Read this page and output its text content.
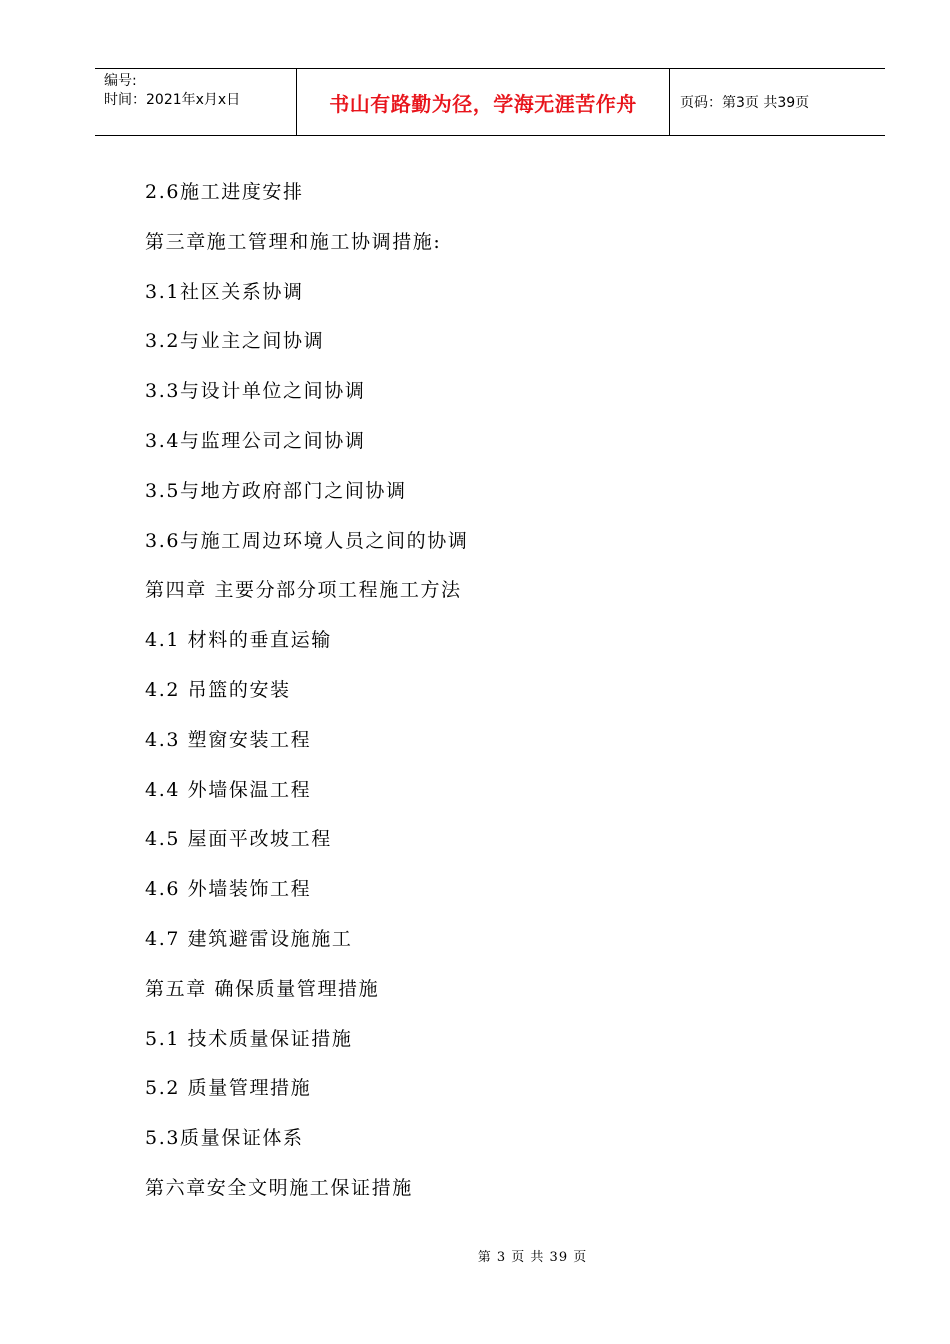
编号:
时间：2021年x月x日	书山有路勤为径，学海无涯苦作舟	页码：第3页 共39页
2.6施工进度安排
第三章施工管理和施工协调措施:
3.1社区关系协调
3.2与业主之间协调
3.3与设计单位之间协调
3.4与监理公司之间协调
3.5与地方政府部门之间协调
3.6与施工周边环境人员之间的协调
第四章 主要分部分项工程施工方法
4.1 材料的垂直运输
4.2 吊篮的安装
4.3 塑窗安装工程
4.4 外墙保温工程
4.5 屋面平改坡工程
4.6 外墙装饰工程
4.7 建筑避雷设施施工
第五章 确保质量管理措施
5.1 技术质量保证措施
5.2 质量管理措施
5.3质量保证体系
第六章安全文明施工保证措施
第 3 页 共 39 页
